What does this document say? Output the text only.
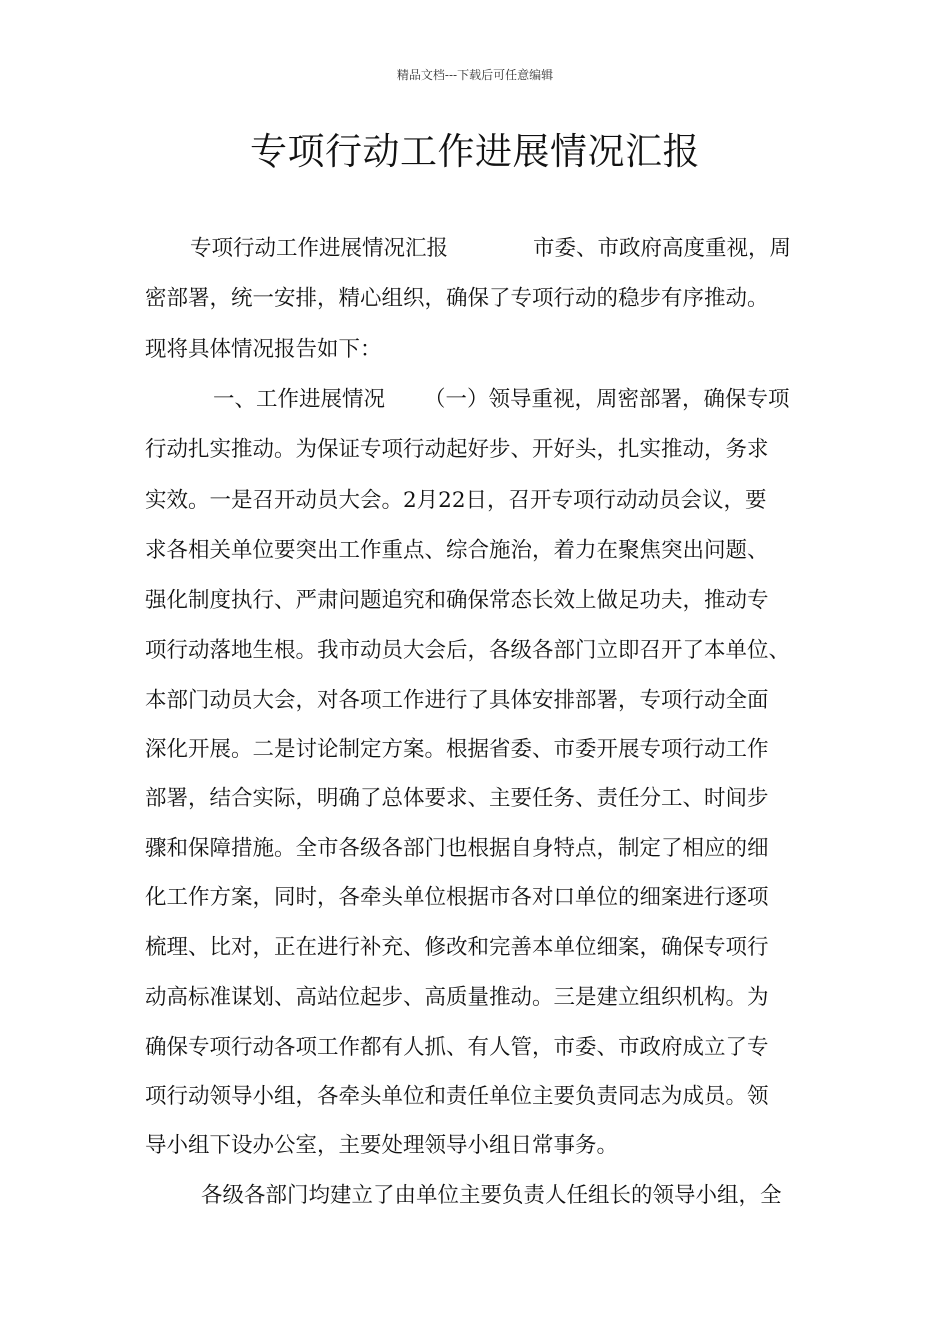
精品文档---下载后可任意编辑
专项行动工作进展情况汇报
专项行动工作进展情况汇报	市委、市政府高度重视，周
密部署，统一安排，精心组织，确保了专项行动的稳步有序推动。
现将具体情况报告如下：
一、工作进展情况 （一）领导重视，周密部署，确保专项
行动扎实推动。为保证专项行动起好步、开好头，扎实推动，务求
实效。一是召开动员大会。2月22日，召开专项行动动员会议，要
求各相关单位要突出工作重点、综合施治，着力在聚焦突出问题、
强化制度执行、严肃问题追究和确保常态长效上做足功夫，推动专
项行动落地生根。我市动员大会后，各级各部门立即召开了本单位、
本部门动员大会，对各项工作进行了具体安排部署，专项行动全面
深化开展。二是讨论制定方案。根据省委、市委开展专项行动工作
部署，结合实际，明确了总体要求、主要任务、责任分工、时间步
骤和保障措施。全市各级各部门也根据自身特点，制定了相应的细
化工作方案，同时，各牵头单位根据市各对口单位的细案进行逐项
梳理、比对，正在进行补充、修改和完善本单位细案，确保专项行
动高标准谋划、高站位起步、高质量推动。三是建立组织机构。为
确保专项行动各项工作都有人抓、有人管，市委、市政府成立了专
项行动领导小组，各牵头单位和责任单位主要负责同志为成员。领
导小组下设办公室，主要处理领导小组日常事务。
各级各部门均建立了由单位主要负责人任组长的领导小组，全
